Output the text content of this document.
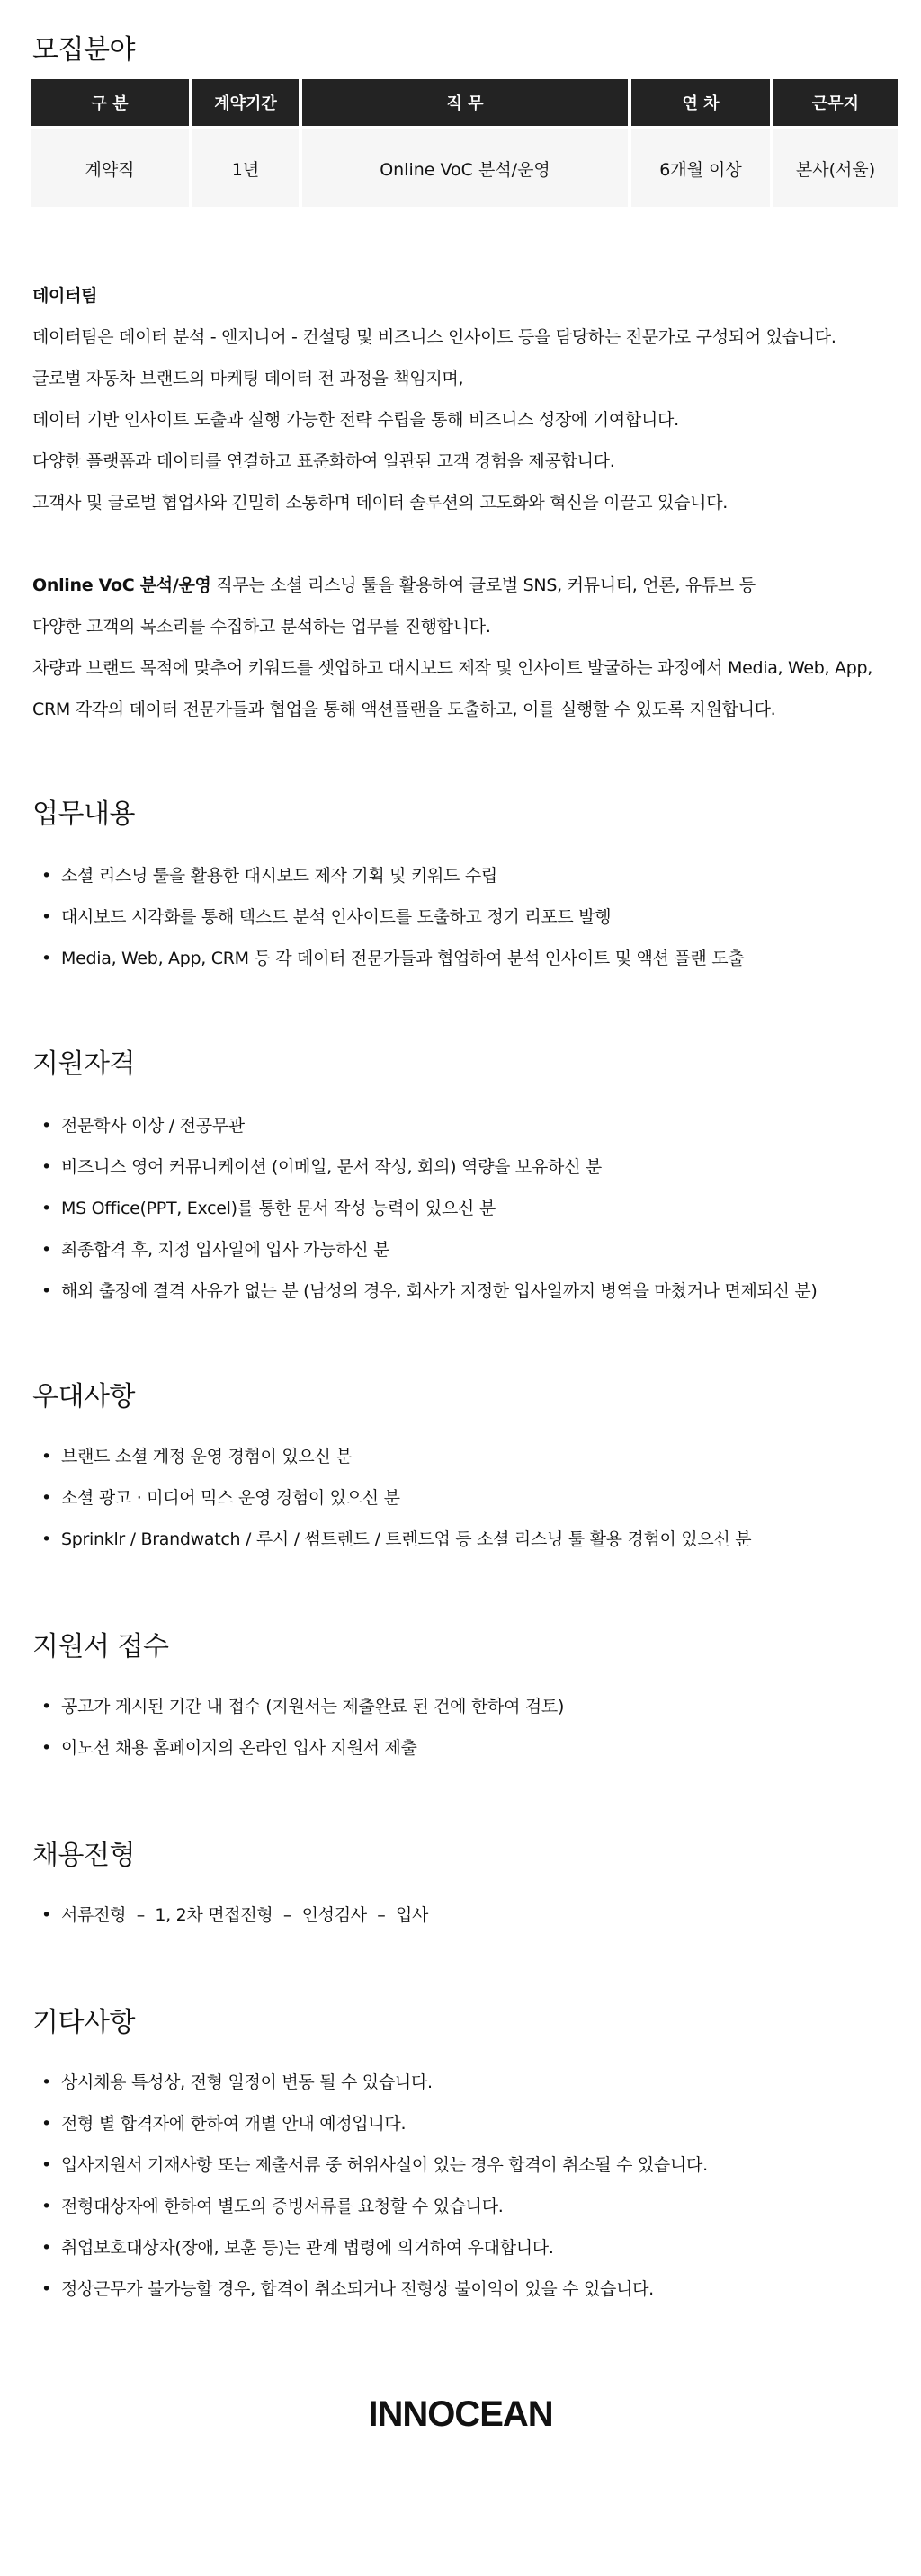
모집분야
구 분	계약기간	직 무	연 차	근무지
계약직	1년	Online VoC 분석/운영	6개월 이상	본사(서울)
데이터팀
데이터팀은 데이터 분석 - 엔지니어 - 컨설팅 및 비즈니스 인사이트 등을 담당하는 전문가로 구성되어 있습니다.
글로벌 자동차 브랜드의 마케팅 데이터 전 과정을 책임지며,
데이터 기반 인사이트 도출과 실행 가능한 전략 수립을 통해 비즈니스 성장에 기여합니다.
다양한 플랫폼과 데이터를 연결하고 표준화하여 일관된 고객 경험을 제공합니다.
고객사 및 글로벌 협업사와 긴밀히 소통하며 데이터 솔루션의 고도화와 혁신을 이끌고 있습니다.
Online VoC 분석/운영 직무는 소셜 리스닝 툴을 활용하여 글로벌 SNS, 커뮤니티, 언론, 유튜브 등
다양한 고객의 목소리를 수집하고 분석하는 업무를 진행합니다.
차량과 브랜드 목적에 맞추어 키워드를 셋업하고 대시보드 제작 및 인사이트 발굴하는 과정에서 Media, Web, App,
CRM 각각의 데이터 전문가들과 협업을 통해 액션플랜을 도출하고, 이를 실행할 수 있도록 지원합니다.
업무내용
• 소셜 리스닝 툴을 활용한 대시보드 제작 기획 및 키워드 수립
• 대시보드 시각화를 통해 텍스트 분석 인사이트를 도출하고 정기 리포트 발행
• Media, Web, App, CRM 등 각 데이터 전문가들과 협업하여 분석 인사이트 및 액션 플랜 도출
지원자격
• 전문학사 이상 / 전공무관
• 비즈니스 영어 커뮤니케이션 (이메일, 문서 작성, 회의) 역량을 보유하신 분
• MS Office(PPT, Excel)를 통한 문서 작성 능력이 있으신 분
• 최종합격 후, 지정 입사일에 입사 가능하신 분
• 해외 출장에 결격 사유가 없는 분 (남성의 경우, 회사가 지정한 입사일까지 병역을 마쳤거나 면제되신 분)
우대사항
• 브랜드 소셜 계정 운영 경험이 있으신 분
• 소셜 광고 · 미디어 믹스 운영 경험이 있으신 분
• Sprinklr / Brandwatch / 루시 / 썸트렌드 / 트렌드업 등 소셜 리스닝 툴 활용 경험이 있으신 분
지원서 접수
• 공고가 게시된 기간 내 접수 (지원서는 제출완료 된 건에 한하여 검토)
• 이노션 채용 홈페이지의 온라인 입사 지원서 제출
채용전형
• 서류전형  –  1, 2차 면접전형  –  인성검사  –  입사
기타사항
• 상시채용 특성상, 전형 일정이 변동 될 수 있습니다.
• 전형 별 합격자에 한하여 개별 안내 예정입니다.
• 입사지원서 기재사항 또는 제출서류 중 허위사실이 있는 경우 합격이 취소될 수 있습니다.
• 전형대상자에 한하여 별도의 증빙서류를 요청할 수 있습니다.
• 취업보호대상자(장애, 보훈 등)는 관계 법령에 의거하여 우대합니다.
• 정상근무가 불가능할 경우, 합격이 취소되거나 전형상 불이익이 있을 수 있습니다.
INNOCEAN
